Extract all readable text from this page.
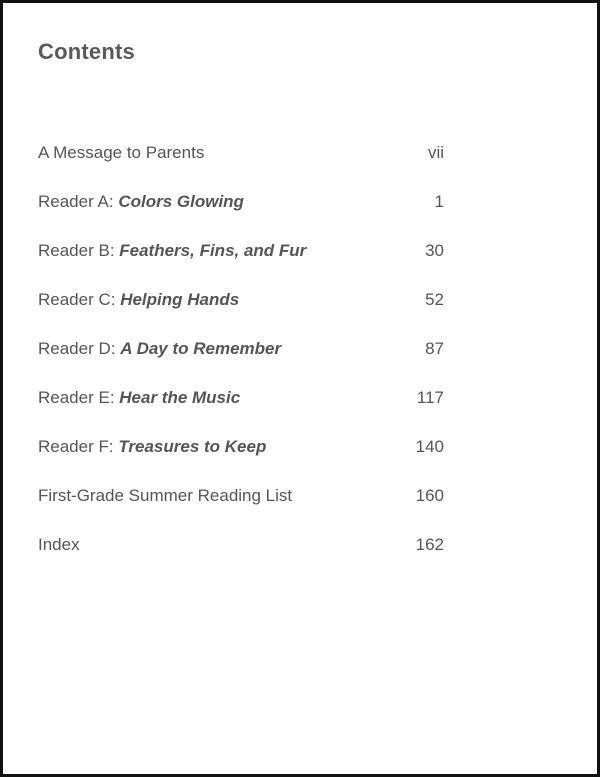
Contents
A Message to Parents	vii
Reader A: Colors Glowing	1
Reader B: Feathers, Fins, and Fur	30
Reader C: Helping Hands	52
Reader D: A Day to Remember	87
Reader E: Hear the Music	117
Reader F: Treasures to Keep	140
First-Grade Summer Reading List	160
Index	162
